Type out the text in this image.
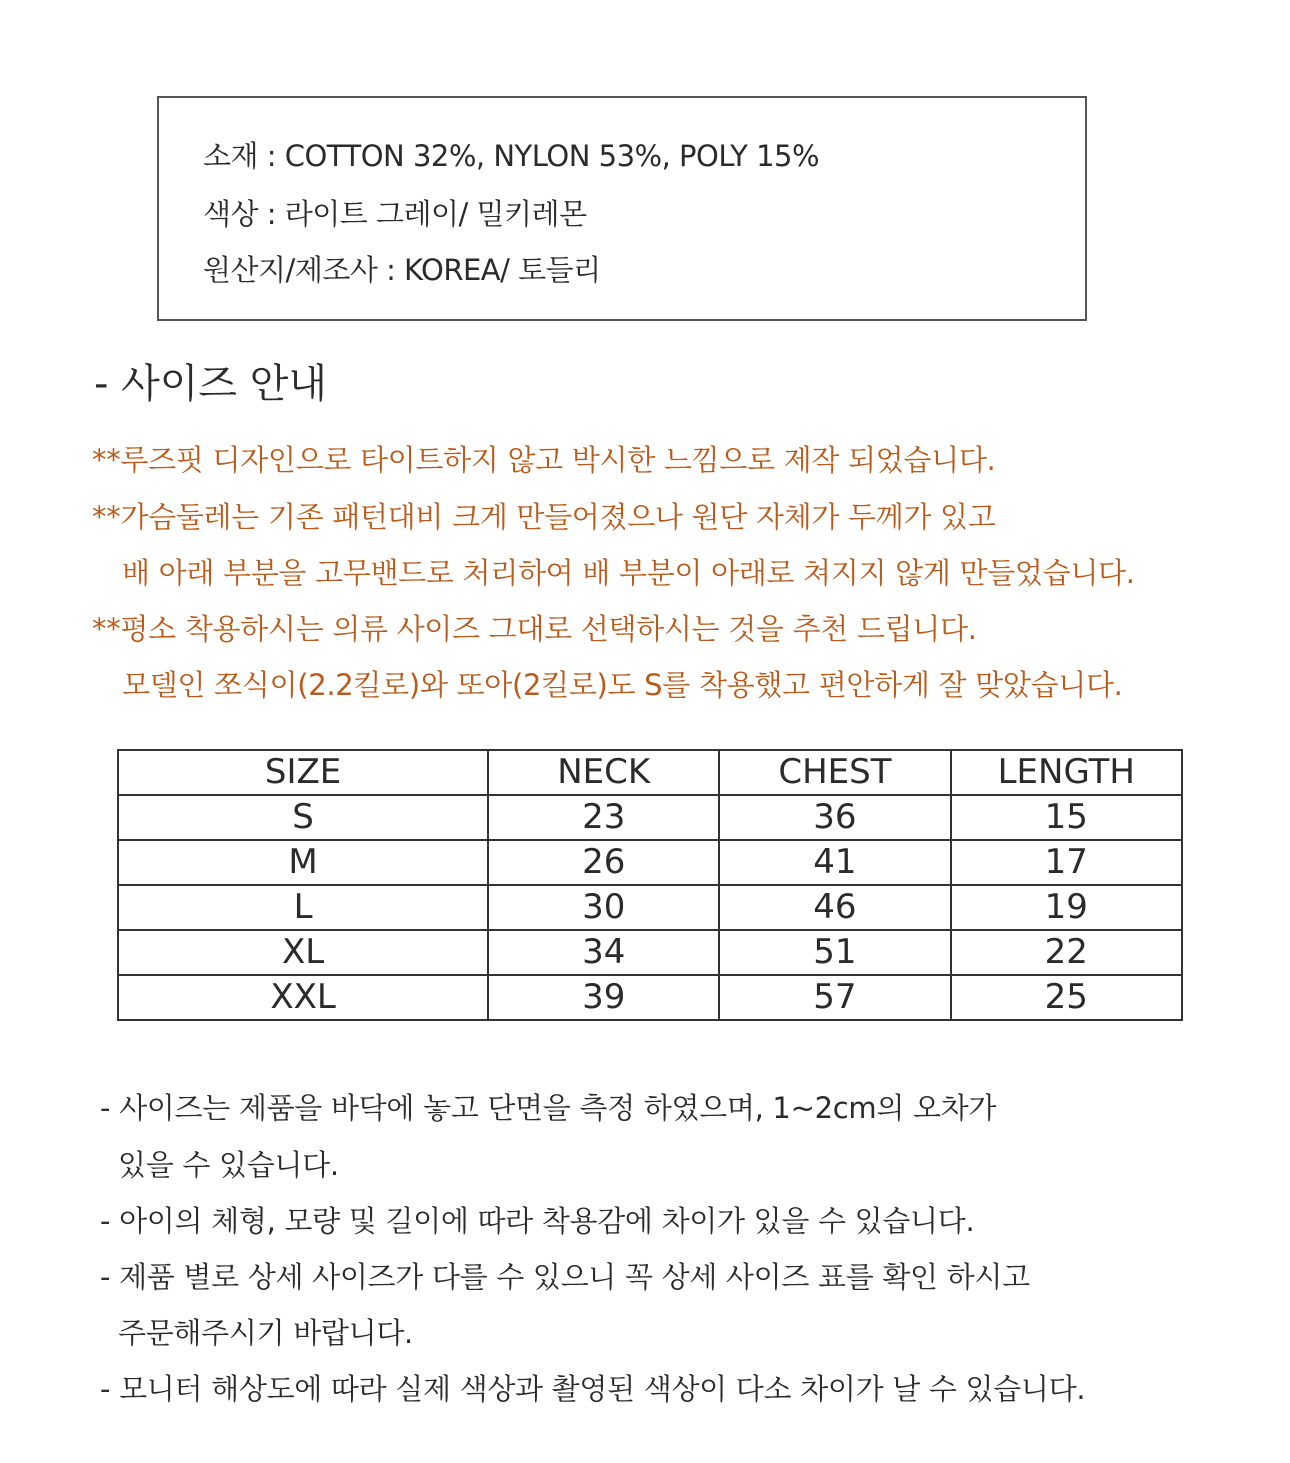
소재 : COTTON 32%, NYLON 53%, POLY 15%
색상 : 라이트 그레이/ 밀키레몬
원산지/제조사 : KOREA/ 토들리
- 사이즈 안내
**루즈핏 디자인으로 타이트하지 않고 박시한 느낌으로 제작 되었습니다.
**가슴둘레는 기존 패턴대비 크게 만들어졌으나 원단 자체가 두께가 있고
배 아래 부분을 고무밴드로 처리하여 배 부분이 아래로 쳐지지 않게 만들었습니다.
**평소 착용하시는 의류 사이즈 그대로 선택하시는 것을 추천 드립니다.
모델인 쪼식이(2.2킬로)와 또아(2킬로)도 S를 착용했고 편안하게 잘 맞았습니다.
SIZE	NECK	CHEST	LENGTH
S	23	36	15
M	26	41	17
L	30	46	19
XL	34	51	22
XXL	39	57	25
- 사이즈는 제품을 바닥에 놓고 단면을 측정 하였으며, 1~2cm의 오차가
있을 수 있습니다.
- 아이의 체형, 모량 및 길이에 따라 착용감에 차이가 있을 수 있습니다.
- 제품 별로 상세 사이즈가 다를 수 있으니 꼭 상세 사이즈 표를 확인 하시고
주문해주시기 바랍니다.
- 모니터 해상도에 따라 실제 색상과 촬영된 색상이 다소 차이가 날 수 있습니다.
